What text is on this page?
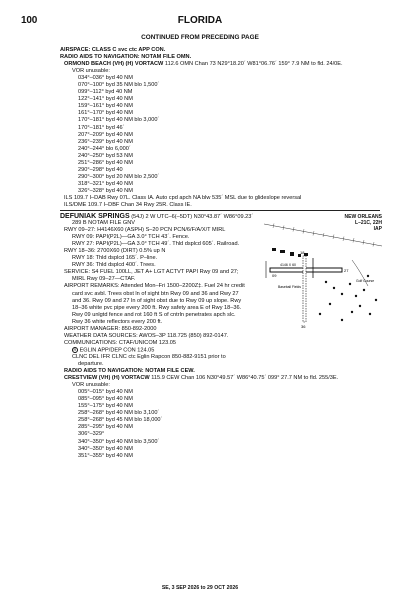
100	FLORIDA
CONTINUED FROM PRECEDING PAGE
AIRSPACE: CLASS C svc ctc APP CON.
RADIO AIDS TO NAVIGATION: NOTAM FILE OMN.
ORMOND BEACH (VH) (H) VORTACW 112.6 OMN Chan 73 N29°18.20´ W81°06.76´ 159° 7.9 NM to fld. 24/0E.
VOR unusable:
034°–036° byd 40 NM
070°–100° byd 35 NM blo 1,500´
099°–112° byd 40 NM
122°–141° byd 40 NM
159°–161° byd 40 NM
161°–170° byd 40 NM
170°–181° byd 40 NM blo 3,000´
170°–181° byd 46´
207°–209° byd 40 NM
236°–239° byd 40 NM
240°–244° blo 6,000´
240°–250° byd 53 NM
251°–286° byd 40 NM
290°–298° byd 40
290°–300° byd 20 NM blo 2,500´
318°–321° byd 40 NM
326°–328° byd 40 NM
ILS 109.7 I–DAB Rwy 07L. Class IA. Auto cpd apch NA blw 535´ MSL due to glideslope reversal
ILS/DME 109.7 I–DBF Chan 34 Rwy 25R. Class IE.
NEW ORLEANS
L–21C, 22H
IAP
DEFUNIAK SPRINGS (54J) 2 W UTC–6(–5DT) N30°43.87´ W86°09.23´
289 B NOTAM FILE GNV
RWY 09–27: H4146X60 (ASPH) S–20 PCN PCN/6/F/A/X/T MIRL
RWY 09: PAPI(P2L)—GA 3.0° TCH 43´. Fence.
RWY 27: PAPI(P2L)—GA 3.0° TCH 49´. Thld dsplcd 605´. Railroad.
RWY 18–36: 2700X60 (DIRT) 0.5% up N
RWY 18: Thld dsplcd 165´. P–line.
RWY 36: Thld dsplcd 400´. Trees.
SERVICE: S4 FUEL 100LL, JET A+ LGT ACTVT PAPI Rwy 09 and 27;
MIRL Rwy 09–27—CTAF.
AIRPORT REMARKS: Attended Mon–Fri 1500–2200Z‡. Fuel 24 hr credit
card svc avbl. Trees obst ln of sight btn Rwy 09 and 36 and Rwy 27
and 36. Rwy 09 and 27 ln of sight obst due to Rwy 09 up slope. Rwy
18–36 white pvc pipe every 200 ft. Rwy safety area E of Rwy 18–36.
Rwy 09 unlgtd fence and rot 160 ft S of cntrln penetrates apch slc.
Rwy 36 white reflectors every 200 ft.
AIRPORT MANAGER: 850-892-2000
WEATHER DATA SOURCES: AWOS–3P 118.725 (850) 892-0147.
COMMUNICATIONS: CTAF/UNICOM 123.05
R EGLIN APP/DEP CON 124.05
CLNC DEL IFR CLNC ctc Eglin Rapcon 850-882-9151 prior to
departure.
RADIO AIDS TO NAVIGATION: NOTAM FILE CEW.
CRESTVIEW (VH) (H) VORTACW 115.9 CEW Chan 106 N30°49.57´ W86°40.75´ 099° 27.7 NM to fld. 255/3E.
VOR unusable:
005°–015° byd 40 NM
085°–095° byd 40 NM
155°–175° byd 40 NM
258°–268° byd 40 NM blo 3,100´
258°–268° byd 45 NM blo 18,000´
285°–295° byd 40 NM
306°–329°
340°–350° byd 40 NM blo 3,500´
340°–350° byd 40 NM
351°–355° byd 40 NM
4146 X 60
09
27
18
36
Baseball Fields
Golf Course
SE, 3 SEP 2026 to 29 OCT 2026
